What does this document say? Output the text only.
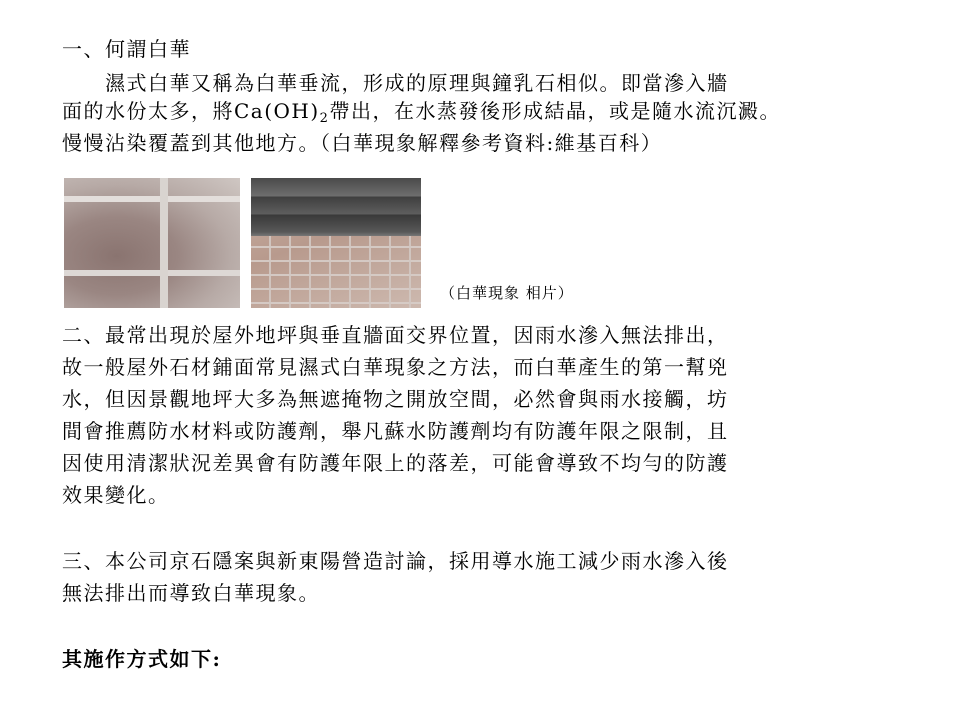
一、何謂白華
　　濕式白華又稱為白華垂流，形成的原理與鐘乳石相似。即當滲入牆
面的水份太多，將$Ca(OH)_2$帶出，在水蒸發後形成結晶，或是隨水流沉澱。
慢慢沾染覆蓋到其他地方。（白華現象解釋參考資料:維基百科）
（白華現象 相片）
二、最常出現於屋外地坪與垂直牆面交界位置，因雨水滲入無法排出，
故一般屋外石材鋪面常見濕式白華現象之方法，而白華產生的第一幫兇
水，但因景觀地坪大多為無遮掩物之開放空間，必然會與雨水接觸，坊
間會推薦防水材料或防護劑，舉凡蘇水防護劑均有防護年限之限制，且
因使用清潔狀況差異會有防護年限上的落差，可能會導致不均勻的防護
效果變化。
三、本公司京石隱案與新東陽營造討論，採用導水施工減少雨水滲入後
無法排出而導致白華現象。
其施作方式如下:
